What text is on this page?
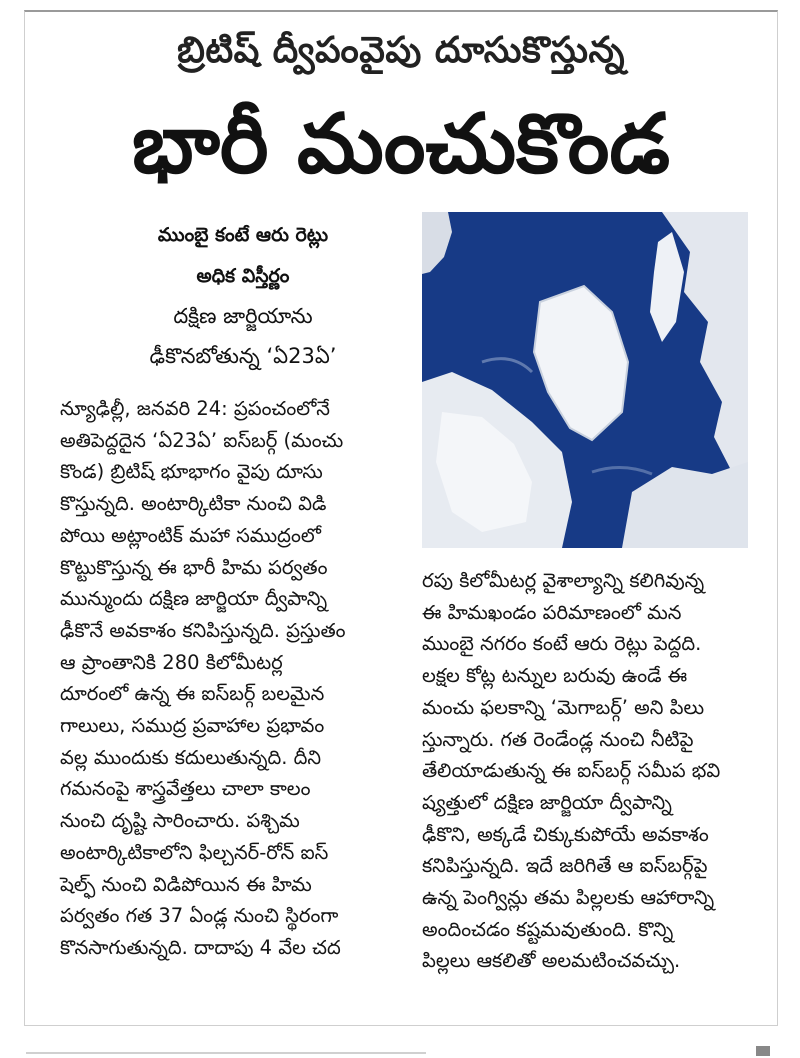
బ్రిటిష్ ద్వీపంవైపు దూసుకొస్తున్న
భారీ మంచుకొండ
ముంబై కంటే ఆరు రెట్లు
అధిక విస్తీర్ణం
దక్షిణ జార్జియాను
ఢీకొనబోతున్న ‘ఏ23ఏ’
న్యూఢిల్లీ, జనవరి 24: ప్రపంచంలోనే
అతిపెద్దదైన ‘ఏ23ఏ’ ఐస్‌బర్గ్ (మంచు
కొండ) బ్రిటిష్ భూభాగం వైపు దూసు
కొస్తున్నది. అంటార్కిటికా నుంచి విడి
పోయి అట్లాంటిక్ మహా సముద్రంలో
కొట్టుకొస్తున్న ఈ భారీ హిమ పర్వతం
మున్ముందు దక్షిణ జార్జియా ద్వీపాన్ని
ఢీకొనే అవకాశం కనిపిస్తున్నది. ప్రస్తుతం
ఆ ప్రాంతానికి 280 కిలోమీటర్ల
దూరంలో ఉన్న ఈ ఐస్‌బర్గ్ బలమైన
గాలులు, సముద్ర ప్రవాహాల ప్రభావం
వల్ల ముందుకు కదులుతున్నది. దీని
గమనంపై శాస్త్రవేత్తలు చాలా కాలం
నుంచి దృష్టి సారించారు. పశ్చిమ
అంటార్కిటికాలోని ఫిల్చనర్-రోన్ ఐస్
షెల్ఫ్ నుంచి విడిపోయిన ఈ హిమ
పర్వతం గత 37 ఏండ్ల నుంచి స్థిరంగా
కొనసాగుతున్నది. దాదాపు 4 వేల చద
రపు కిలోమీటర్ల వైశాల్యాన్ని కలిగివున్న
ఈ హిమఖండం పరిమాణంలో మన
ముంబై నగరం కంటే ఆరు రెట్లు పెద్దది.
లక్షల కోట్ల టన్నుల బరువు ఉండే ఈ
మంచు ఫలకాన్ని ‘మెగాబర్గ్’ అని పిలు
స్తున్నారు. గత రెండేండ్ల నుంచి నీటిపై
తేలియాడుతున్న ఈ ఐస్‌బర్గ్ సమీప భవి
ష్యత్తులో దక్షిణ జార్జియా ద్వీపాన్ని
ఢీకొని, అక్కడే చిక్కుకుపోయే అవకాశం
కనిపిస్తున్నది. ఇదే జరిగితే ఆ ఐస్‌బర్గ్‌పై
ఉన్న పెంగ్విన్లు తమ పిల్లలకు ఆహారాన్ని
అందించడం కష్టమవుతుంది. కొన్ని
పిల్లలు ఆకలితో అలమటించవచ్చు.
